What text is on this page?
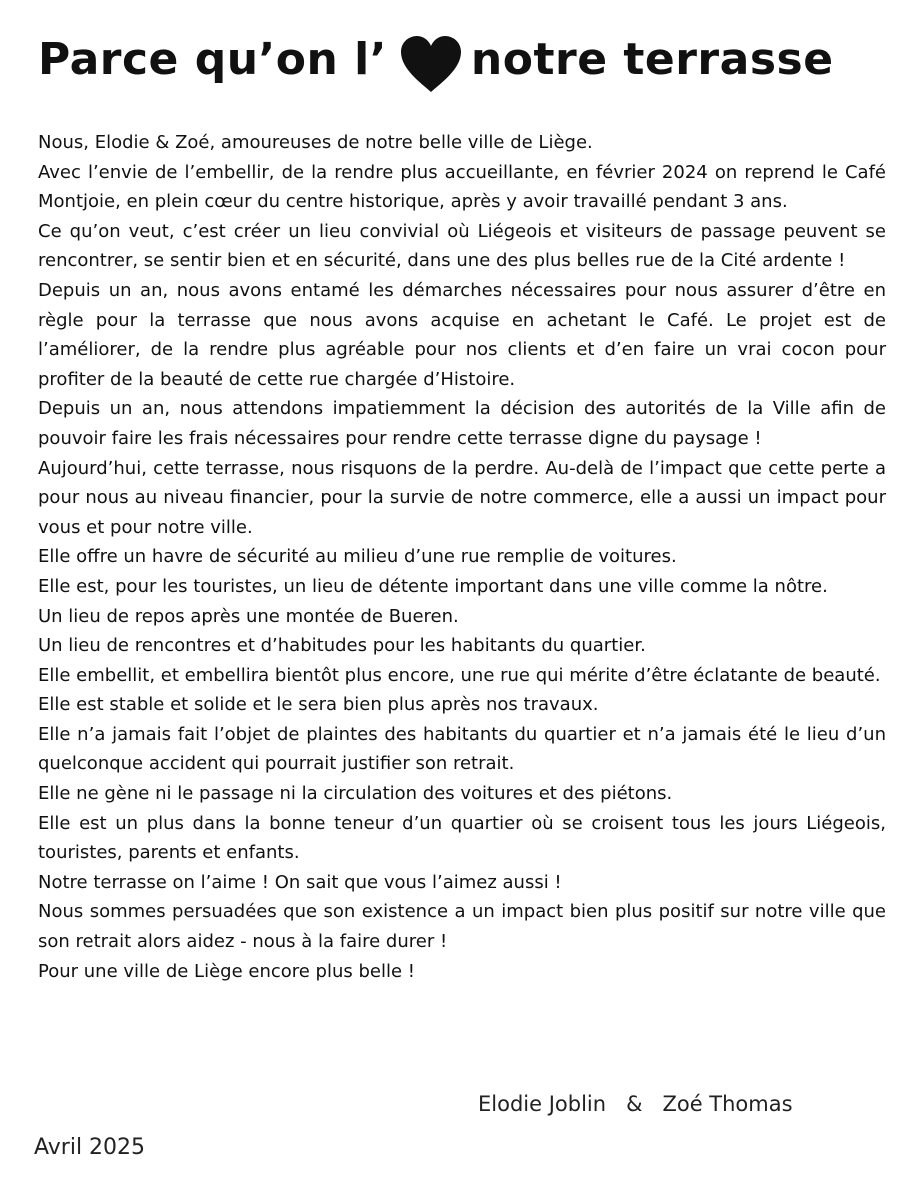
Parce qu’on l’ notre terrasse

Nous, Elodie & Zoé, amoureuses de notre belle ville de Liège.

Avec l’envie de l’embellir, de la rendre plus accueillante, en février 2024 on reprend le Café Montjoie, en plein cœur du centre historique, après y avoir travaillé pendant 3 ans.

Ce qu’on veut, c’est créer un lieu convivial où Liégeois et visiteurs de passage peuvent se rencontrer, se sentir bien et en sécurité, dans une des plus belles rue de la Cité ardente !

Depuis un an, nous avons entamé les démarches nécessaires pour nous assurer d’être en règle pour la terrasse que nous avons acquise en achetant le Café. Le projet est de l’améliorer, de la rendre plus agréable pour nos clients et d’en faire un vrai cocon pour profiter de la beauté de cette rue chargée d’Histoire.

Depuis un an, nous attendons impatiemment la décision des autorités de la Ville afin de pouvoir faire les frais nécessaires pour rendre cette terrasse digne du paysage !

Aujourd’hui, cette terrasse, nous risquons de la perdre. Au-delà de l’impact que cette perte a pour nous au niveau financier, pour la survie de notre commerce, elle a aussi un impact pour vous et pour notre ville.

Elle offre un havre de sécurité au milieu d’une rue remplie de voitures.

Elle est, pour les touristes, un lieu de détente important dans une ville comme la nôtre.

Un lieu de repos après une montée de Bueren.

Un lieu de rencontres et d’habitudes pour les habitants du quartier.

Elle embellit, et embellira bientôt plus encore, une rue qui mérite d’être éclatante de beauté.

Elle est stable et solide et le sera bien plus après nos travaux.

Elle n’a jamais fait l’objet de plaintes des habitants du quartier et n’a jamais été le lieu d’un quelconque accident qui pourrait justifier son retrait.

Elle ne gène ni le passage ni la circulation des voitures et des piétons.

Elle est un plus dans la bonne teneur d’un quartier où se croisent tous les jours Liégeois, touristes, parents et enfants.

Notre terrasse on l’aime ! On sait que vous l’aimez aussi !

Nous sommes persuadées que son existence a un impact bien plus positif sur notre ville que son retrait alors aidez - nous à la faire durer !

Pour une ville de Liège encore plus belle !

Elodie Joblin & Zoé Thomas
Avril 2025
